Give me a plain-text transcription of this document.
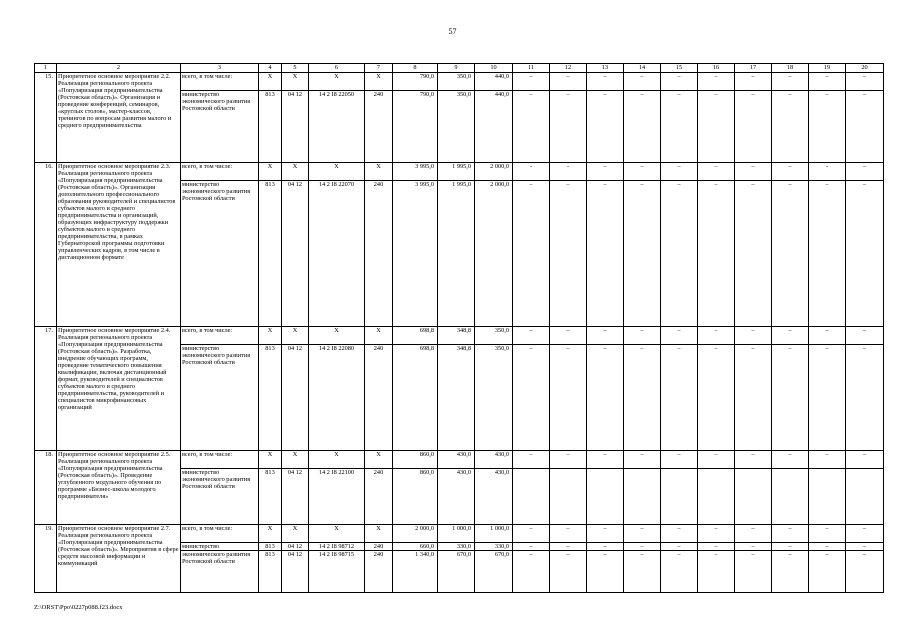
57
1	2	3	4	5	6	7	8	9	10	11	12	13	14	15	16	17	18	19	20
15.	Приоритетное основное мероприятие 2.2. Реализация регионального проекта «Популяризация предпринимательства (Ростовская область)». Организация и проведение конференций, семинаров, «круглых столов», мастер-классов, тренингов по вопросам развития малого и среднего предпринимательства	всего, в том числе:	Х	Х	Х	Х	790,0	350,0	440,0	–	–	–	–	–	–	–	–	–	–
		министерство экономического развития Ростовской области	813	04 12	14 2 I8 22050	240	790,0	350,0	440,0	–	–	–	–	–	–	–	–	–	–
16.	Приоритетное основное мероприятие 2.3. Реализация регионального проекта «Популяризация предпринимательства (Ростовская область)». Организация дополнительного профессионального образования руководителей и специалистов субъектов малого и среднего предпринимательства и организаций, образующих инфраструктуру поддержки субъектов малого и среднего предпринимательства, в рамках Губернаторской программы подготовки управленческих кадров, в том числе в дистанционном формате	всего, в том числе:	Х	Х	Х	Х	3 995,0	1 995,0	2 000,0	-	-	–	–	–	–	–	–	-	–
		министерство экономического развития Ростовской области	813	04 12	14 2 I8 22070	240	3 995,0	1 995,0	2 000,0	–	–	–	–	–	–	–	–	–	–
17.	Приоритетное основное мероприятие 2.4. Реализация регионального проекта «Популяризация предпринимательства (Ростовская область)». Разработка, внедрение обучающих программ, проведение тематического повышения квалификации, включая дистанционный формат, руководителей и специалистов субъектов малого и среднего предпринимательства, руководителей и специалистов микрофинансовых организаций	всего, в том числе:	Х	Х	Х	Х	698,8	348,8	350,0	–	–	–	–	–	–	–	–	–	–
		министерство экономического развития Ростовской области	813	04 12	14 2 I8 22080	240	698,8	348,8	350,0	–	–	–	–	–	–	–	–	–	–
18.	Приоритетное основное мероприятие 2.5. Реализация регионального проекта «Популяризация предпринимательства (Ростовская область)». Проведение углубленного модульного обучения по программе «Бизнес-школа молодого предпринимателя»	всего, в том числе:	Х	Х	Х	Х	860,0	430,0	430,0	–	–	–	–	–	–	–	–	–	–
		министерство экономического развития Ростовской области	813	04 12	14 2 I8 22100	240	860,0	430,0	430,0										
19.	Приоритетное основное мероприятие 2.7. Реализация регионального проекта «Популяризация предпринимательства (Ростовская область)». Мероприятия в сфере средств массовой информации и коммуникаций	всего, в том числе:	Х	Х	Х	Х	2 000,0	1 000,0	1 000,0	–	–	–	–	–	–	–	–	–	–
		министерство	813	04 12	14 2 I8 98712	240	660,0	330,0	330,0	–	–	–	–	–	–	–	–	–	–
		экономического развития Ростовской области	813	04 12	14 2 I8 98715	240	1 340,0	670,0	670,0	–	–	–	–	–	–	–	–	–	–
Z:\ORST\Ppo\0227p088.f23.docx
